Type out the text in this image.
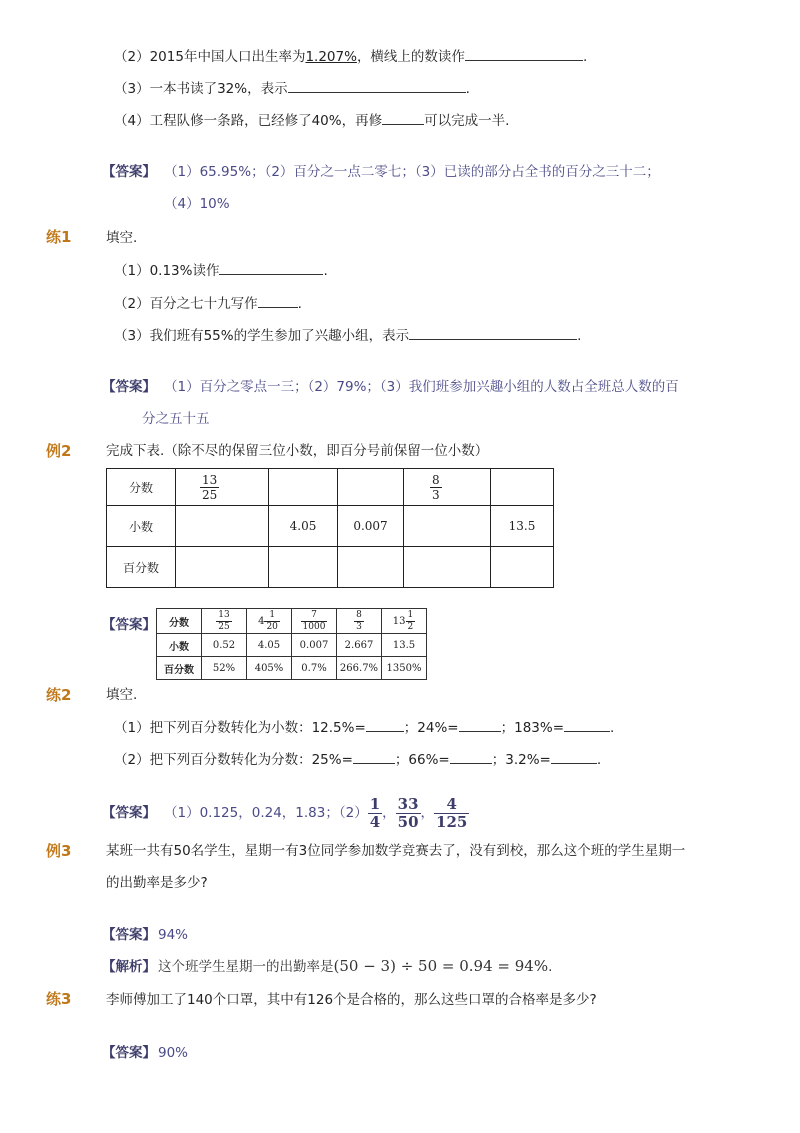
（2）2015年中国人口出生率为1.207%，横线上的数读作	.
（3）一本书读了32%，表示	.
（4）工程队修一条路，已经修了40%，再修	可以完成一半.
【答案】 （1）65.95%；（2）百分之一点二零七；（3）已读的部分占全书的百分之三十二；
（4）10%
练1	填空.
（1）0.13%读作	.
（2）百分之七十九写作	.
（3）我们班有55%的学生参加了兴趣小组，表示	.
【答案】 （1）百分之零点一三；（2）79%；（3）我们班参加兴趣小组的人数占全班总人数的百
分之五十五
例2	完成下表.（除不尽的保留三位小数，即百分号前保留一位小数）
分数	$\frac{13}{25}$			$\frac{8}{3}$

小数		4.05	0.007		13.5
百分数					
【答案】 分数	$\frac{13}{25}$	$4 \frac{1}{20}$	$\frac{7}{1000}$	$\frac{8}{3}$	$13 \frac{1}{2}$

小数	0.52	4.05	0.007	2.667	13.5
百分数	52%	405%	0.7%	266.7%	1350%
练2	填空.
（1）把下列百分数转化为小数：12.5%=	；24%=	；183%=	.
（2）把下列百分数转化为分数：25%=	；66%=	；3.2%=	.
【答案】 （1）0.125，0.24，1.83；$(2) \frac{1}{4}$ ， $\frac{33}{50}$ ， $\frac{4}{125}$
例3	某班一共有50名学生，星期一有3位同学参加数学竞赛去了，没有到校，那么这个班的学生星期一
的出勤率是多少?
【答案】 94%
【解析】 这个班学生星期一的出勤率是(50 − 3) ÷ 50 = 0.94 = 94%.
练3	李师傅加工了140个口罩，其中有126个是合格的，那么这些口罩的合格率是多少?
【答案】 90%
